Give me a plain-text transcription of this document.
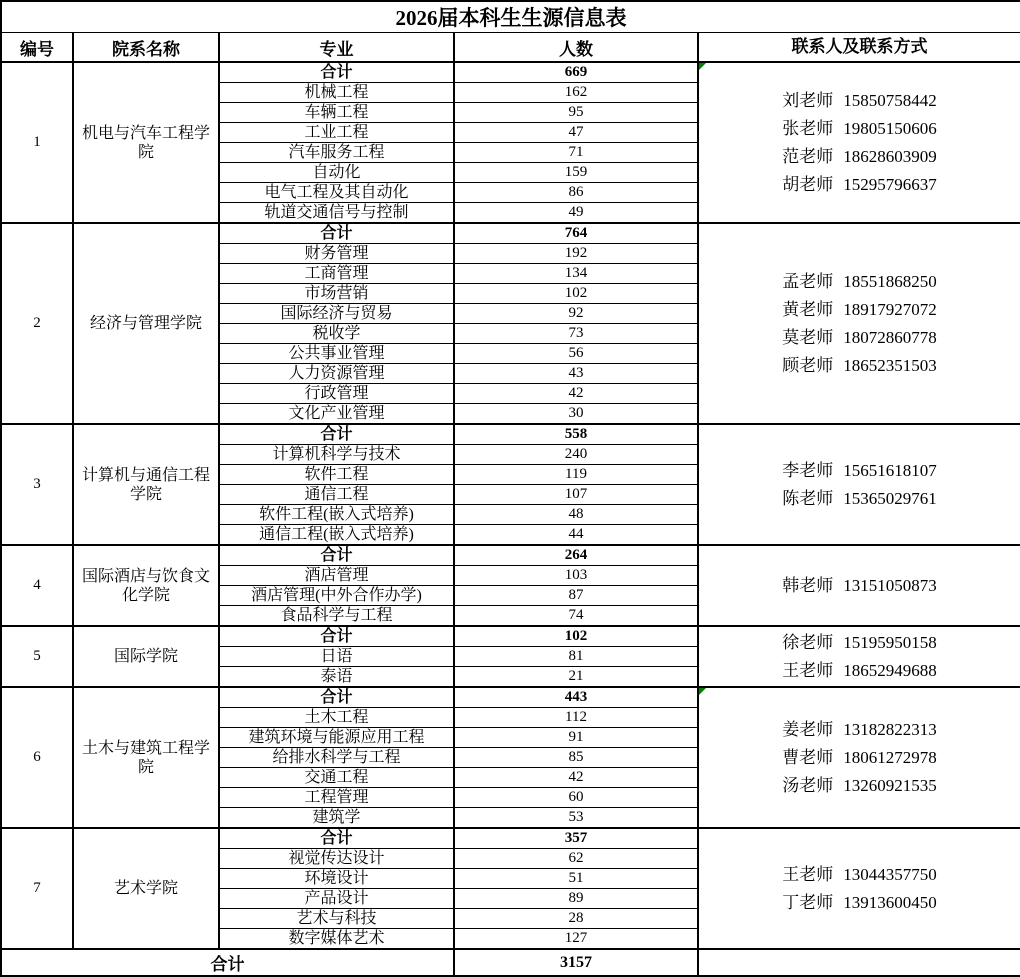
2026届本科生生源信息表				
编号	院系名称	专业	人数	联系人及联系方式
1	机电与汽车工程学院	合计	669	刘老师 15850758442
张老师 19805150606
范老师 18628603909
胡老师 15295796637

		机械工程	162	
		车辆工程	95	
		工业工程	47	
		汽车服务工程	71	
		自动化	159	
		电气工程及其自动化	86	
		轨道交通信号与控制	49	
2	经济与管理学院	合计	764	孟老师 18551868250
黄老师 18917927072
莫老师 18072860778
顾老师 18652351503

		财务管理	192	
		工商管理	134	
		市场营销	102	
		国际经济与贸易	92	
		税收学	73	
		公共事业管理	56	
		人力资源管理	43	
		行政管理	42	
		文化产业管理	30	
3	计算机与通信工程学院	合计	558	李老师 15651618107
陈老师 15365029761

		计算机科学与技术	240	
		软件工程	119	
		通信工程	107	
		软件工程(嵌入式培养)	48	
		通信工程(嵌入式培养)	44	
4	国际酒店与饮食文化学院	合计	264	韩老师 13151050873

		酒店管理	103	
		酒店管理(中外合作办学)	87	
		食品科学与工程	74	
5	国际学院	合计	102	徐老师 15195950158
王老师 18652949688

		日语	81	
		泰语	21	
6	土木与建筑工程学院	合计	443	姜老师 13182822313
曹老师 18061272978
汤老师 13260921535

		土木工程	112	
		建筑环境与能源应用工程	91	
		给排水科学与工程	85	
		交通工程	42	
		工程管理	60	
		建筑学	53	
7	艺术学院	合计	357	王老师 13044357750
丁老师 13913600450

		视觉传达设计	62	
		环境设计	51	
		产品设计	89	
		艺术与科技	28	
		数字媒体艺术	127	
合计			3157	
